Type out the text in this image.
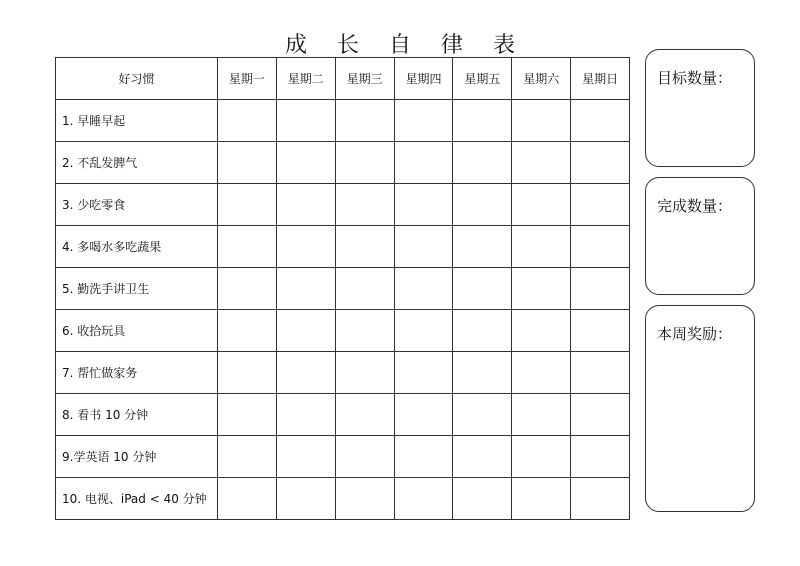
成长自律表
好习惯	星期一	星期二	星期三	星期四	星期五	星期六	星期日
1. 早睡早起							
2. 不乱发脾气							
3. 少吃零食							
4. 多喝水多吃蔬果							
5. 勤洗手讲卫生							
6. 收拾玩具							
7. 帮忙做家务							
8. 看书 10 分钟							
9.学英语 10 分钟							
10. 电视、iPad < 40 分钟							
目标数量：
完成数量：
本周奖励：
